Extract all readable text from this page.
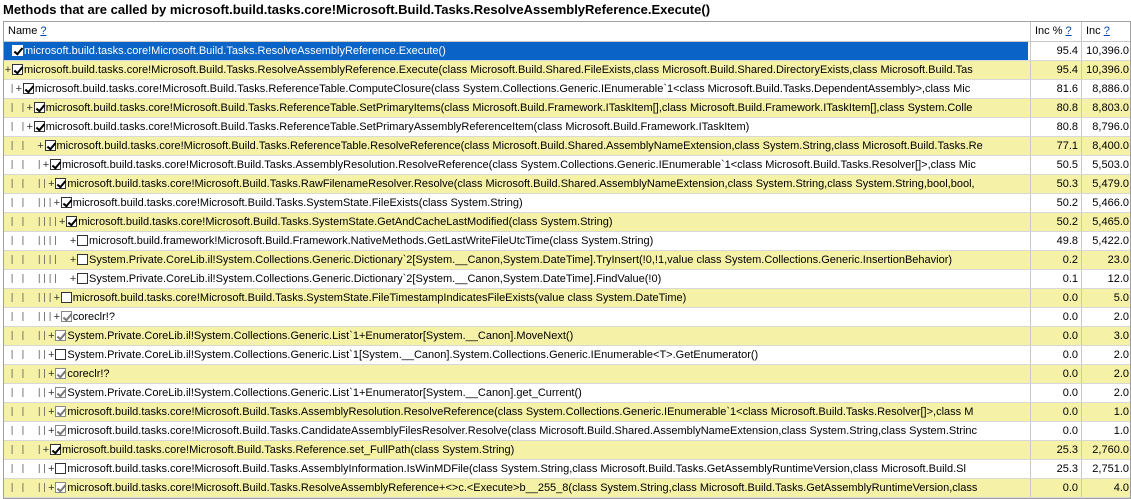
Methods that are called by microsoft.build.tasks.core!Microsoft.Build.Tasks.ResolveAssemblyReference.Execute()
Name ?	Inc % ?	Inc ?
microsoft.build.tasks.core!Microsoft.Build.Tasks.ResolveAssemblyReference.Execute()	95.4 10,396.0
+ microsoft.build.tasks.core!Microsoft.Build.Tasks.ResolveAssemblyReference.Execute(class Microsoft.Build.Shared.FileExists,class Microsoft.Build.Shared.DirectoryExists,class Microsoft.Build.Tas	95.4 10,396.0
|+ microsoft.build.tasks.core!Microsoft.Build.Tasks.ReferenceTable.ComputeClosure(class System.Collections.Generic.IEnumerable`1<class Microsoft.Build.Tasks.DependentAssembly>,class Mic	81.6	8,886.0
| |+ microsoft.build.tasks.core!Microsoft.Build.Tasks.ReferenceTable.SetPrimaryItems(class Microsoft.Build.Framework.ITaskItem[],class Microsoft.Build.Framework.ITaskItem[],class System.Colle	80.8	8,803.0
| |+ microsoft.build.tasks.core!Microsoft.Build.Tasks.ReferenceTable.SetPrimaryAssemblyReferenceItem(class Microsoft.Build.Framework.ITaskItem)	80.8	8,796.0
| |  + microsoft.build.tasks.core!Microsoft.Build.Tasks.ReferenceTable.ResolveReference(class Microsoft.Build.Shared.AssemblyNameExtension,class System.String,class Microsoft.Build.Tasks.Re	77.1	8,400.0
| |  |+ microsoft.build.tasks.core!Microsoft.Build.Tasks.AssemblyResolution.ResolveReference(class System.Collections.Generic.IEnumerable`1<class Microsoft.Build.Tasks.Resolver[]>,class Mic	50.5	5,503.0
| |  ||+ microsoft.build.tasks.core!Microsoft.Build.Tasks.RawFilenameResolver.Resolve(class Microsoft.Build.Shared.AssemblyNameExtension,class System.String,class System.String,bool,bool,	50.3	5,479.0
| |  |||+ microsoft.build.tasks.core!Microsoft.Build.Tasks.SystemState.FileExists(class System.String)	50.2	5,466.0
| |  ||||+ microsoft.build.tasks.core!Microsoft.Build.Tasks.SystemState.GetAndCacheLastModified(class System.String)	50.2	5,465.0
| |  ||||  + microsoft.build.framework!Microsoft.Build.Framework.NativeMethods.GetLastWriteFileUtcTime(class System.String)	49.8	5,422.0
| |  ||||  + System.Private.CoreLib.il!System.Collections.Generic.Dictionary`2[System.__Canon,System.DateTime].TryInsert(!0,!1,value class System.Collections.Generic.InsertionBehavior)	0.2	23.0
| |  ||||  + System.Private.CoreLib.il!System.Collections.Generic.Dictionary`2[System.__Canon,System.DateTime].FindValue(!0)	0.1	12.0
| |  |||+ microsoft.build.tasks.core!Microsoft.Build.Tasks.SystemState.FileTimestampIndicatesFileExists(value class System.DateTime)	0.0	5.0
| |  |||+ coreclr!?	0.0	2.0
| |  ||+ System.Private.CoreLib.il!System.Collections.Generic.List`1+Enumerator[System.__Canon].MoveNext()	0.0	3.0
| |  ||+ System.Private.CoreLib.il!System.Collections.Generic.List`1[System.__Canon].System.Collections.Generic.IEnumerable<T>.GetEnumerator()	0.0	2.0
| |  ||+ coreclr!?	0.0	2.0
| |  ||+ System.Private.CoreLib.il!System.Collections.Generic.List`1+Enumerator[System.__Canon].get_Current()	0.0	2.0
| |  ||+ microsoft.build.tasks.core!Microsoft.Build.Tasks.AssemblyResolution.ResolveReference(class System.Collections.Generic.IEnumerable`1<class Microsoft.Build.Tasks.Resolver[]>,class M	0.0	1.0
| |  ||+ microsoft.build.tasks.core!Microsoft.Build.Tasks.CandidateAssemblyFilesResolver.Resolve(class Microsoft.Build.Shared.AssemblyNameExtension,class System.String,class System.Strinc	0.0	1.0
| |  |+ microsoft.build.tasks.core!Microsoft.Build.Tasks.Reference.set_FullPath(class System.String)	25.3	2,760.0
| |  ||+ microsoft.build.tasks.core!Microsoft.Build.Tasks.AssemblyInformation.IsWinMDFile(class System.String,class Microsoft.Build.Tasks.GetAssemblyRuntimeVersion,class Microsoft.Build.Sl	25.3	2,751.0
| |  ||+ microsoft.build.tasks.core!Microsoft.Build.Tasks.ResolveAssemblyReference+<>c.<Execute>b__255_8(class System.String,class Microsoft.Build.Tasks.GetAssemblyRuntimeVersion,class	0.0	4.0
